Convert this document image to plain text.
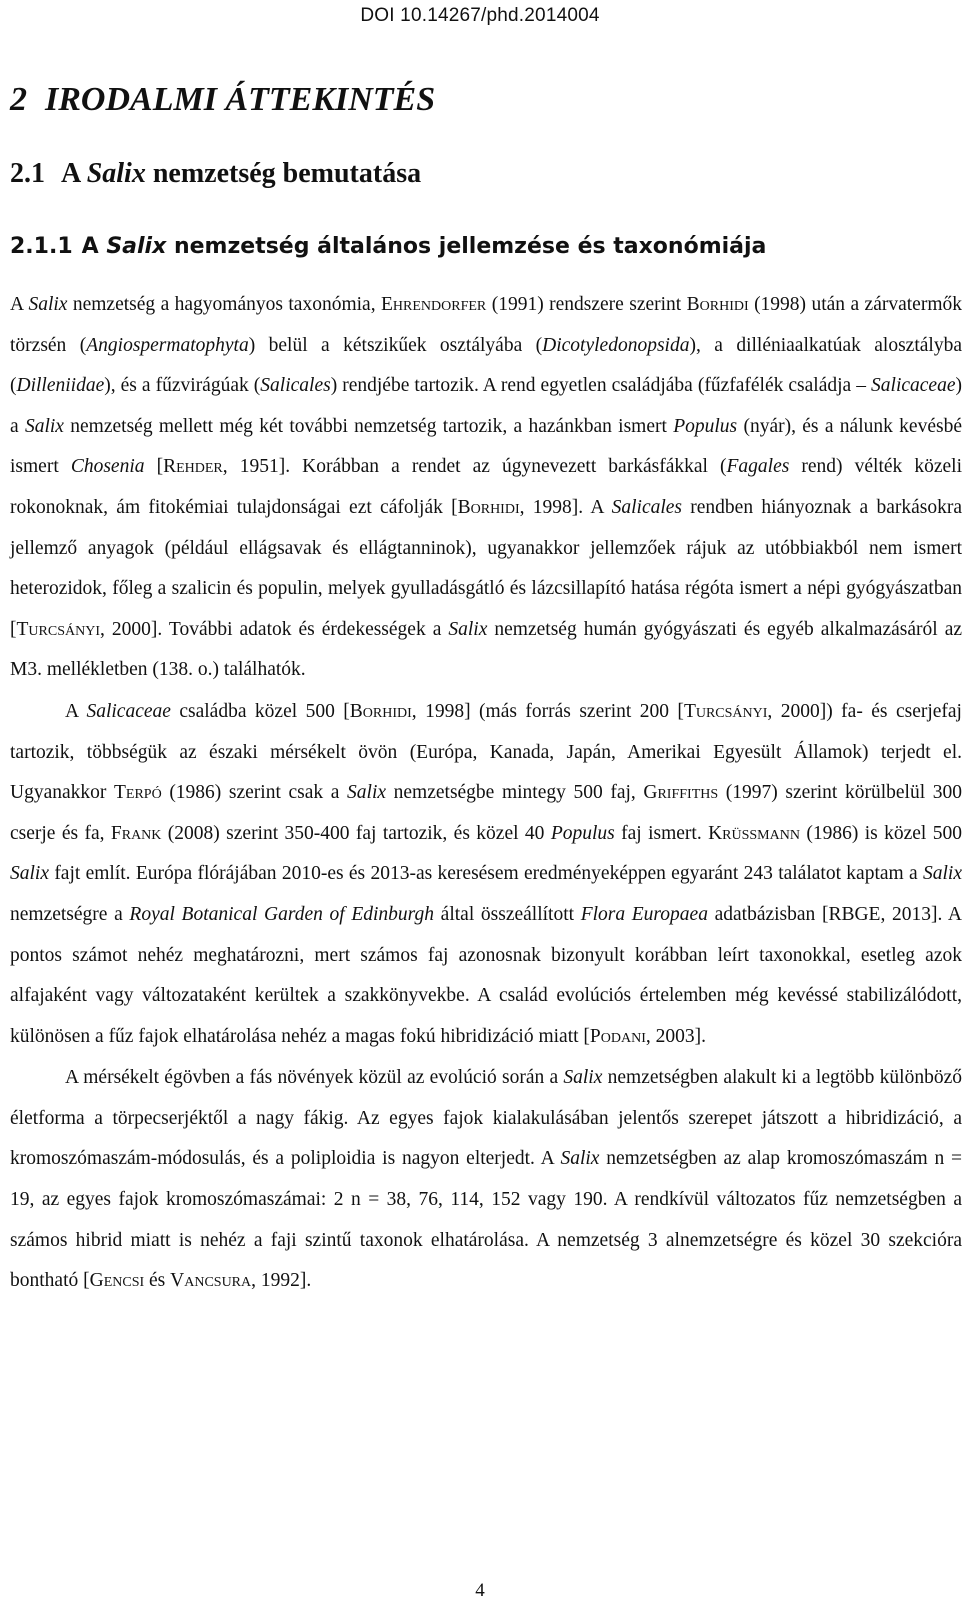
DOI 10.14267/phd.2014004
2 IRODALMI ÁTTEKINTÉS
2.1 A Salix nemzetség bemutatása
2.1.1 A Salix nemzetség általános jellemzése és taxonómiája

A Salix nemzetség a hagyományos taxonómia, Ehrendorfer (1991) rendszere szerint Borhidi (1998) után a zárvatermők törzsén (Angiospermatophyta) belül a kétszikűek osztályába (Dicotyledonopsida), a dilléniaalkatúak alosztályba (Dilleniidae), és a fűzvirágúak (Salicales) rendjébe tartozik. A rend egyetlen családjába (fűzfafélék családja – Salicaceae) a Salix nemzetség mellett még két további nemzetség tartozik, a hazánkban ismert Populus (nyár), és a nálunk kevésbé ismert Chosenia [Rehder, 1951]. Korábban a rendet az úgynevezett barkásfákkal (Fagales rend) vélték közeli rokonoknak, ám fitokémiai tulajdonságai ezt cáfolják [Borhidi, 1998]. A Salicales rendben hiányoznak a barkásokra jellemző anyagok (például ellágsavak és ellágtanninok), ugyanakkor jellemzőek rájuk az utóbbiakból nem ismert heterozidok, főleg a szalicin és populin, melyek gyulladásgátló és lázcsillapító hatása régóta ismert a népi gyógyászatban [Turcsányi, 2000]. További adatok és érdekességek a Salix nemzetség humán gyógyászati és egyéb alkalmazásáról az M3. mellékletben (138. o.) találhatók.

A Salicaceae családba közel 500 [Borhidi, 1998] (más forrás szerint 200 [Turcsányi, 2000]) fa- és cserjefaj tartozik, többségük az északi mérsékelt övön (Európa, Kanada, Japán, Amerikai Egyesült Államok) terjedt el. Ugyanakkor Terpó (1986) szerint csak a Salix nemzetségbe mintegy 500 faj, Griffiths (1997) szerint körülbelül 300 cserje és fa, Frank (2008) szerint 350-400 faj tartozik, és közel 40 Populus faj ismert. Krüssmann (1986) is közel 500 Salix fajt említ. Európa flórájában 2010-es és 2013-as keresésem eredményeképpen egyaránt 243 találatot kaptam a Salix nemzetségre a Royal Botanical Garden of Edinburgh által összeállított Flora Europaea adatbázisban [RBGE, 2013]. A pontos számot nehéz meghatározni, mert számos faj azonosnak bizonyult korábban leírt taxonokkal, esetleg azok alfajaként vagy változataként kerültek a szakkönyvekbe. A család evolúciós értelemben még kevéssé stabilizálódott, különösen a fűz fajok elhatárolása nehéz a magas fokú hibridizáció miatt [Podani, 2003].

A mérsékelt égövben a fás növények közül az evolúció során a Salix nemzetségben alakult ki a legtöbb különböző életforma a törpecserjéktől a nagy fákig. Az egyes fajok kialakulásában jelentős szerepet játszott a hibridizáció, a kromoszómaszám-módosulás, és a poliploidia is nagyon elterjedt. A Salix nemzetségben az alap kromoszómaszám n = 19, az egyes fajok kromoszómaszámai: 2 n = 38, 76, 114, 152 vagy 190. A rendkívül változatos fűz nemzetségben a számos hibrid miatt is nehéz a faji szintű taxonok elhatárolása. A nemzetség 3 alnemzetségre és közel 30 szekcióra bontható [Gencsi és Vancsura, 1992].

4
